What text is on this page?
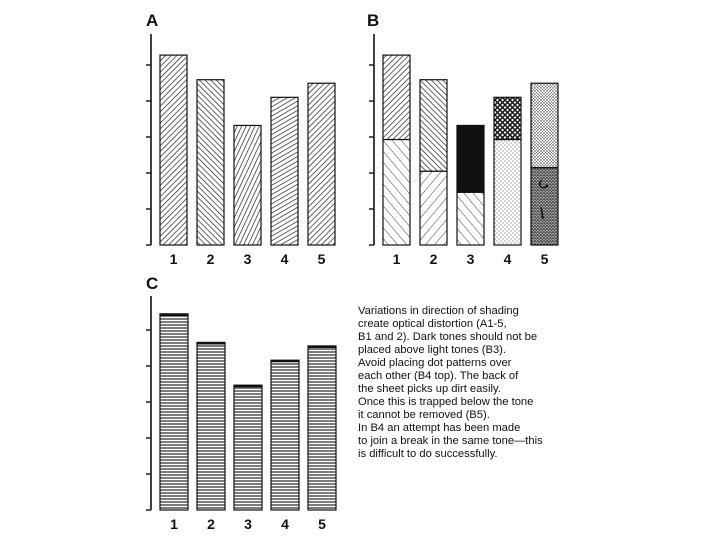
A	B
C
1 2 3 4 5	1 2 3 4 5
1 2 3 4 5
Variations in direction of shading
create optical distortion (A1-5,
B1 and 2). Dark tones should not be
placed above light tones (B3).
Avoid placing dot patterns over
each other (B4 top). The back of
the sheet picks up dirt easily.
Once this is trapped below the tone
it cannot be removed (B5).
In B4 an attempt has been made
to join a break in the same tone—this
is difficult to do successfully.
